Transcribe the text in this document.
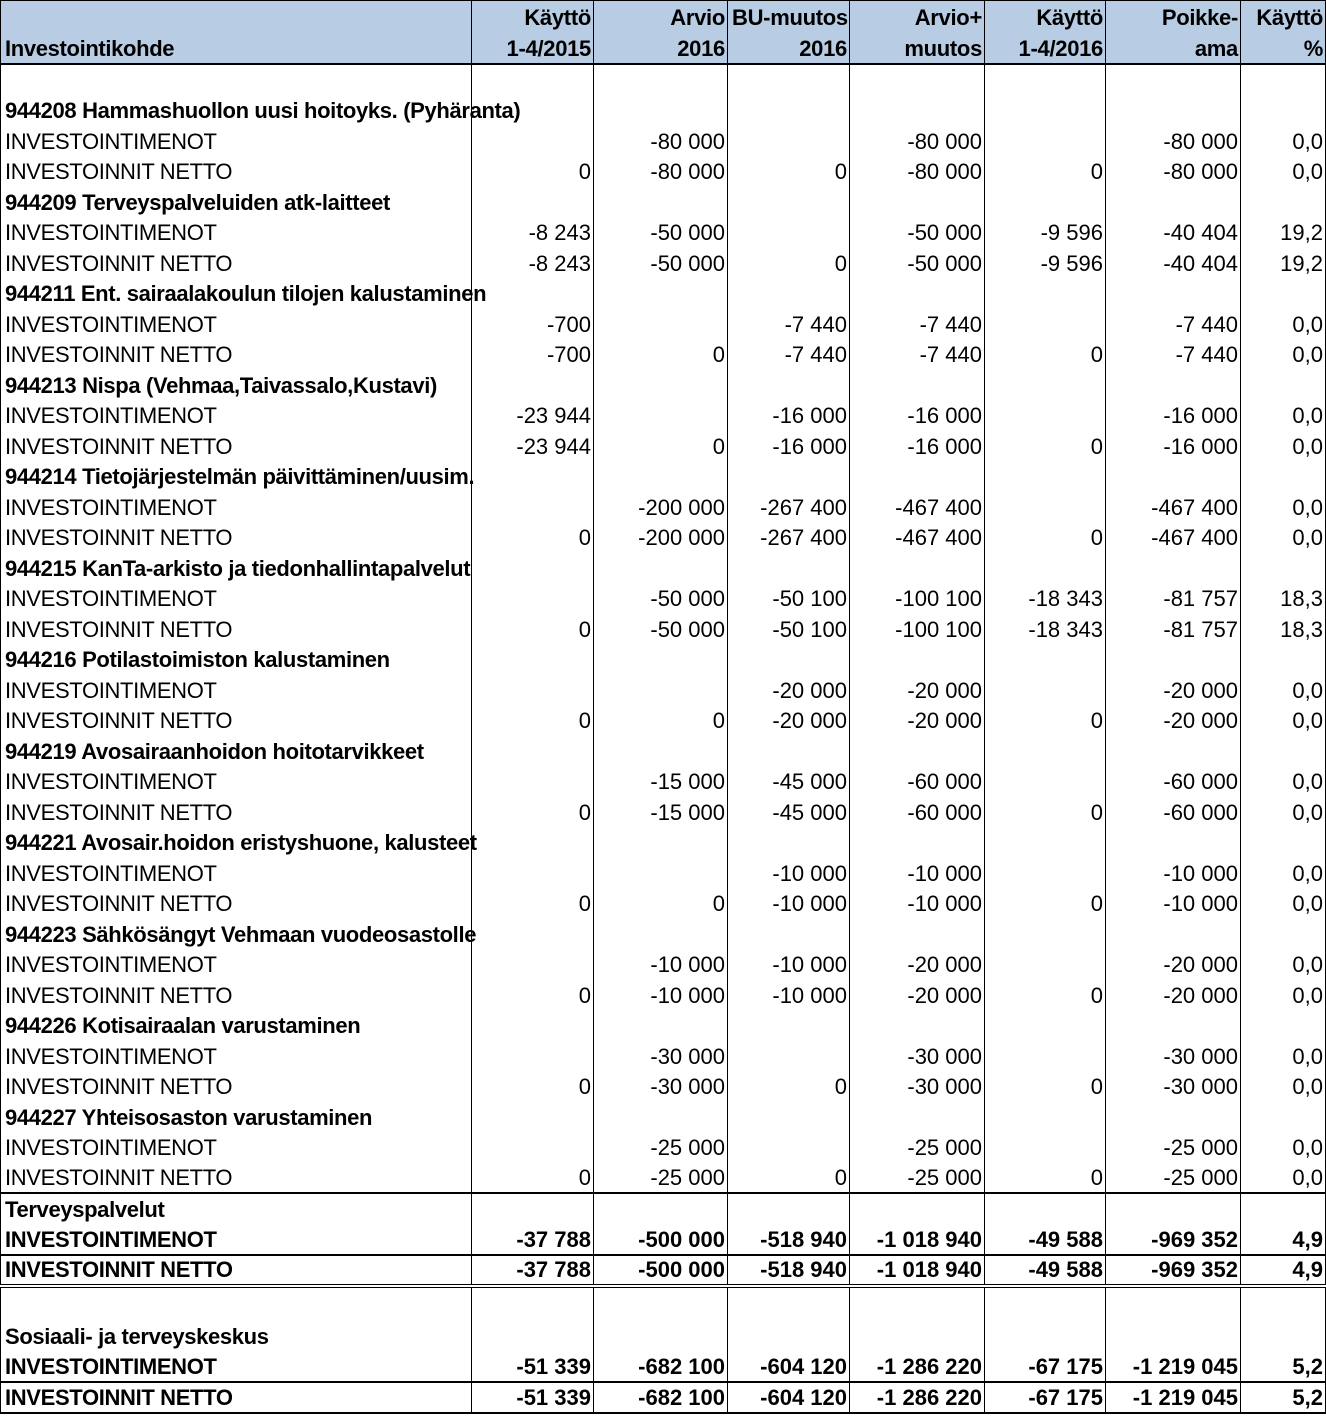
	Käyttö	Arvio	BU-muutos	Arvio+	Käyttö	Poikke-	Käyttö
Investointikohde	1-4/2015	2016	2016	muutos	1-4/2016	ama	%

944208 Hammashuollon uusi hoitoyks. (Pyhäranta)							
INVESTOINTIMENOT		-80 000		-80 000		-80 000	0,0
INVESTOINNIT NETTO	0	-80 000	0	-80 000	0	-80 000	0,0
944209 Terveyspalveluiden atk-laitteet							
INVESTOINTIMENOT	-8 243	-50 000		-50 000	-9 596	-40 404	19,2
INVESTOINNIT NETTO	-8 243	-50 000	0	-50 000	-9 596	-40 404	19,2
944211 Ent. sairaalakoulun tilojen kalustaminen							
INVESTOINTIMENOT	-700		-7 440	-7 440		-7 440	0,0
INVESTOINNIT NETTO	-700	0	-7 440	-7 440	0	-7 440	0,0
944213 Nispa (Vehmaa,Taivassalo,Kustavi)							
INVESTOINTIMENOT	-23 944		-16 000	-16 000		-16 000	0,0
INVESTOINNIT NETTO	-23 944	0	-16 000	-16 000	0	-16 000	0,0
944214 Tietojärjestelmän päivittäminen/uusim.							
INVESTOINTIMENOT		-200 000	-267 400	-467 400		-467 400	0,0
INVESTOINNIT NETTO	0	-200 000	-267 400	-467 400	0	-467 400	0,0
944215 KanTa-arkisto ja tiedonhallintapalvelut							
INVESTOINTIMENOT		-50 000	-50 100	-100 100	-18 343	-81 757	18,3
INVESTOINNIT NETTO	0	-50 000	-50 100	-100 100	-18 343	-81 757	18,3
944216 Potilastoimiston kalustaminen							
INVESTOINTIMENOT			-20 000	-20 000		-20 000	0,0
INVESTOINNIT NETTO	0	0	-20 000	-20 000	0	-20 000	0,0
944219 Avosairaanhoidon hoitotarvikkeet							
INVESTOINTIMENOT		-15 000	-45 000	-60 000		-60 000	0,0
INVESTOINNIT NETTO	0	-15 000	-45 000	-60 000	0	-60 000	0,0
944221 Avosair.hoidon eristyshuone, kalusteet							
INVESTOINTIMENOT			-10 000	-10 000		-10 000	0,0
INVESTOINNIT NETTO	0	0	-10 000	-10 000	0	-10 000	0,0
944223 Sähkösängyt Vehmaan vuodeosastolle							
INVESTOINTIMENOT		-10 000	-10 000	-20 000		-20 000	0,0
INVESTOINNIT NETTO	0	-10 000	-10 000	-20 000	0	-20 000	0,0
944226 Kotisairaalan varustaminen							
INVESTOINTIMENOT		-30 000		-30 000		-30 000	0,0
INVESTOINNIT NETTO	0	-30 000	0	-30 000	0	-30 000	0,0
944227 Yhteisosaston varustaminen							
INVESTOINTIMENOT		-25 000		-25 000		-25 000	0,0
INVESTOINNIT NETTO	0	-25 000	0	-25 000	0	-25 000	0,0
Terveyspalvelut							
INVESTOINTIMENOT	-37 788	-500 000	-518 940	-1 018 940	-49 588	-969 352	4,9
INVESTOINNIT NETTO	-37 788	-500 000	-518 940	-1 018 940	-49 588	-969 352	4,9

Sosiaali- ja terveyskeskus							
INVESTOINTIMENOT	-51 339	-682 100	-604 120	-1 286 220	-67 175	-1 219 045	5,2
INVESTOINNIT NETTO	-51 339	-682 100	-604 120	-1 286 220	-67 175	-1 219 045	5,2
